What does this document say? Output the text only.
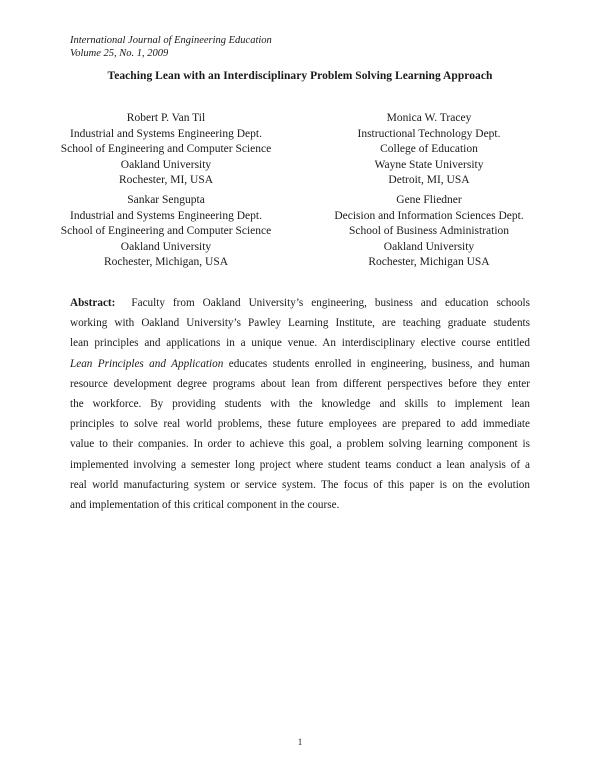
International Journal of Engineering Education
Volume 25, No. 1, 2009
Teaching Lean with an Interdisciplinary Problem Solving Learning Approach
Robert P. Van Til
Industrial and Systems Engineering Dept.
School of Engineering and Computer Science
Oakland University
Rochester, MI, USA
Monica W. Tracey
Instructional Technology Dept.
College of Education
Wayne State University
Detroit, MI, USA
Sankar Sengupta
Industrial and Systems Engineering Dept.
School of Engineering and Computer Science
Oakland University
Rochester, Michigan, USA
Gene Fliedner
Decision and Information Sciences Dept.
School of Business Administration
Oakland University
Rochester, Michigan USA
Abstract: Faculty from Oakland University’s engineering, business and education schools
working with Oakland University’s Pawley Learning Institute, are teaching graduate students
lean principles and applications in a unique venue. An interdisciplinary elective course entitled
Lean Principles and Application educates students enrolled in engineering, business, and human
resource development degree programs about lean from different perspectives before they enter
the workforce. By providing students with the knowledge and skills to implement lean
principles to solve real world problems, these future employees are prepared to add immediate
value to their companies. In order to achieve this goal, a problem solving learning component is
implemented involving a semester long project where student teams conduct a lean analysis of a
real world manufacturing system or service system. The focus of this paper is on the evolution
and implementation of this critical component in the course.
1
